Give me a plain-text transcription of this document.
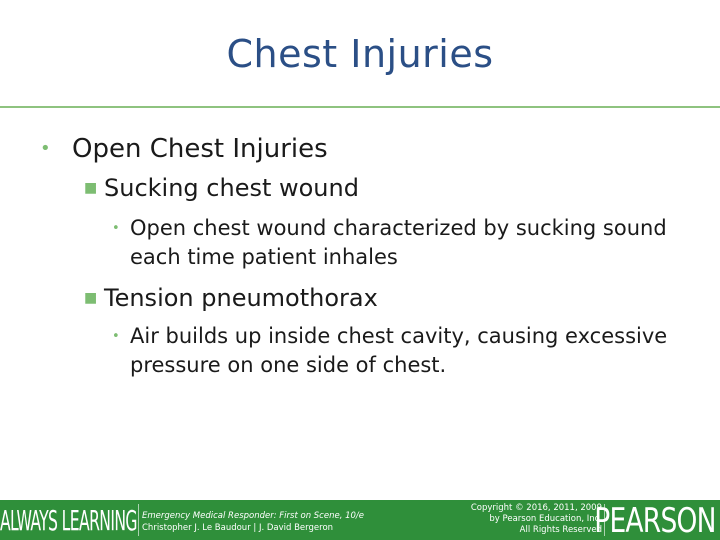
Chest Injuries
• Open Chest Injuries
■ Sucking chest wound
• Open chest wound characterized by sucking sound each time patient inhales
■ Tension pneumothorax
• Air builds up inside chest cavity, causing excessive pressure on one side of chest.
ALWAYS LEARNING Emergency Medical Responder: First on Scene, 10/e
Christopher J. Le Baudour | J. David Bergeron
Copyright © 2016, 2011, 2009
by Pearson Education, Inc.
All Rights Reserved
PEARSON
